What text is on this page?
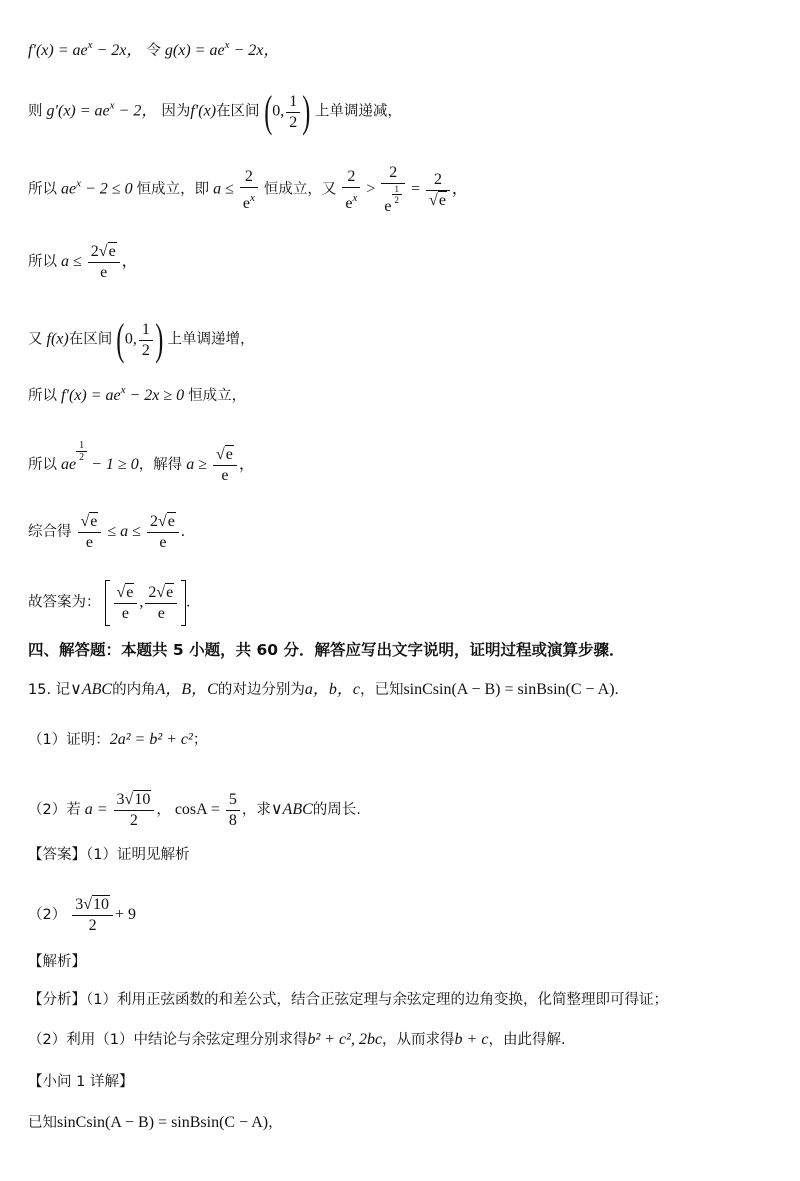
$f'(x) = ae^x - 2x$， 令 $g(x) = ae^x - 2x$，
则 $g'(x) = ae^x - 2$， 因为f′(x)在区间 (0, $\frac{1}{2}$ ) 上单调递减，
所以 $ae^x - 2 \le 0$ 恒成立，即 $a \le \frac{2}{e^x}$ 恒成立，又 $\frac{2}{e^x} > 2$
e
$\frac{1}{2} = \frac{2}{√e}$ ，
所以 $a \le \frac{2√e}{e}$ ，
又 f(x)在区间 (0, $\frac{1}{2}$ ) 上单调递增，
所以 $f'(x) = ae^x - 2x \ge 0$ 恒成立，
所以 ae
$\frac{1}{2}$
− 1 ≥ 0，解得 $a \ge \frac{√e}{e}$ ，
综合得 $\frac{√e}{e} \le a \le \frac{2√e}{e}$ .
故答案为： $\frac{√e}{e}$ , $\frac{2√e}{e}$ .
四、解答题：本题共 5 小题，共 60 分．解答应写出文字说明，证明过程或演算步骤．
15. 记∨ABC的内角A，B，C的对边分别为a，b，c，已知sinCsin(A − B) = sinBsin(C − A).
（1）证明：2a² = b² + c²；
（2）若 $a = \frac{3√10}{2}$ ， $\cos A = \frac{5}{8}$ ，求∨ABC的周长.
【答案】（1）证明见解析
$(2) \frac{3√10}{2} + 9$
【解析】
【分析】（1）利用正弦函数的和差公式，结合正弦定理与余弦定理的边角变换，化简整理即可得证；
（2）利用（1）中结论与余弦定理分别求得b² + c², 2bc，从而求得b + c，由此得解.
【小问 1 详解】
已知sinCsin(A − B) = sinBsin(C − A)，
